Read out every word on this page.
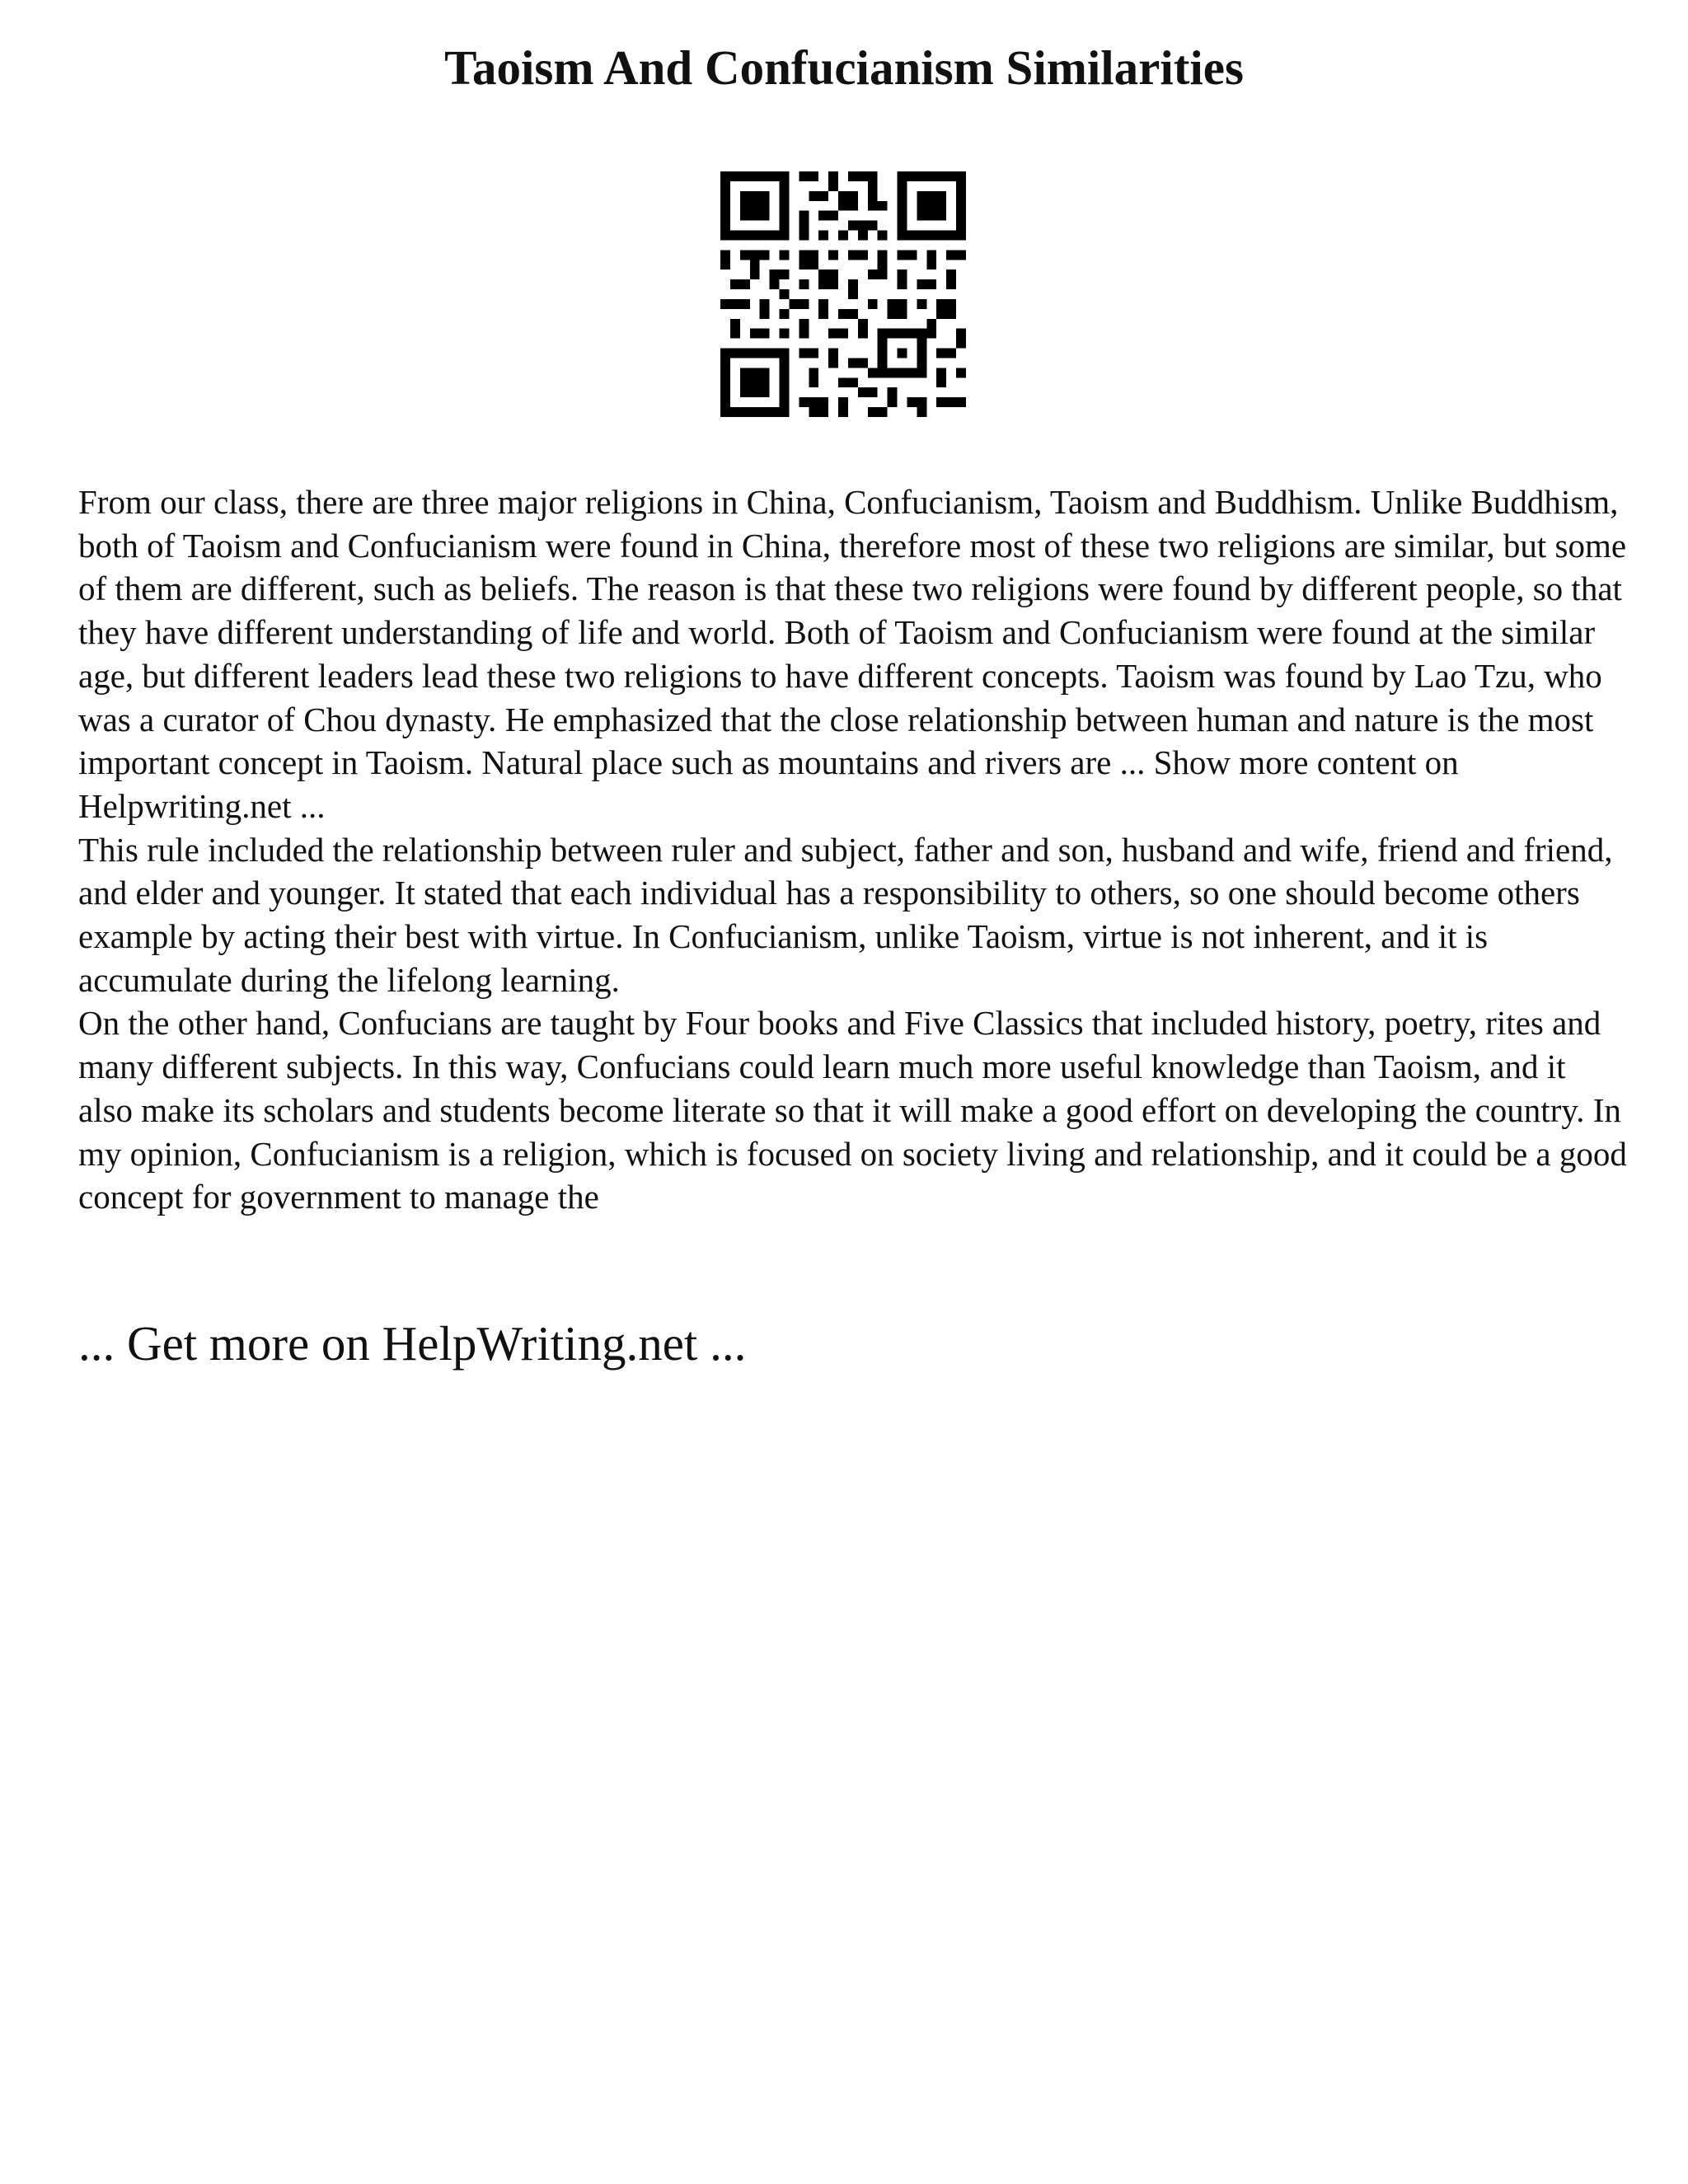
Taoism And Confucianism Similarities

From our class, there are three major religions in China, Confucianism, Taoism and Buddhism. Unlike Buddhism, both of Taoism and Confucianism were found in China, therefore most of these two religions are similar, but some of them are different, such as beliefs. The reason is that these two religions were found by different people, so that they have different understanding of life and world. Both of Taoism and Confucianism were found at the similar age, but different leaders lead these two religions to have different concepts. Taoism was found by Lao Tzu, who was a curator of Chou dynasty. He emphasized that the close relationship between human and nature is the most important concept in Taoism. Natural place such as mountains and rivers are ... Show more content on Helpwriting.net ...

This rule included the relationship between ruler and subject, father and son, husband and wife, friend and friend, and elder and younger. It stated that each individual has a responsibility to others, so one should become others example by acting their best with virtue. In Confucianism, unlike Taoism, virtue is not inherent, and it is accumulate during the lifelong learning.

On the other hand, Confucians are taught by Four books and Five Classics that included history, poetry, rites and many different subjects. In this way, Confucians could learn much more useful knowledge than Taoism, and it also make its scholars and students become literate so that it will make a good effort on developing the country. In my opinion, Confucianism is a religion, which is focused on society living and relationship, and it could be a good concept for government to manage the

... Get more on HelpWriting.net ...
